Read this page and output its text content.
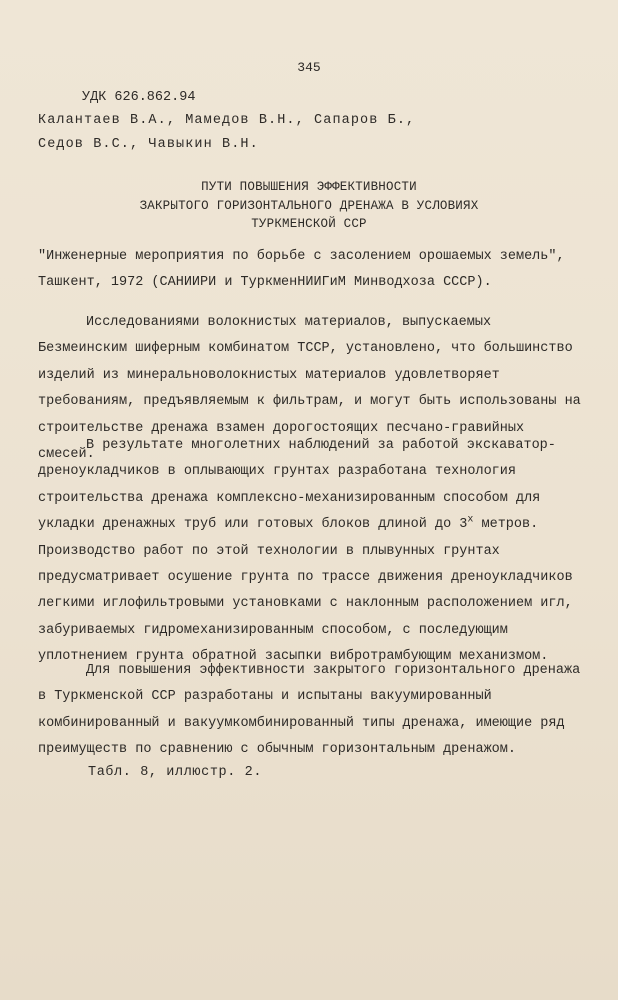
345
УДК 626.862.94
Калантаев В.А., Мамедов В.Н., Сапаров Б.,
Седов В.С., Чавыкин В.Н.
ПУТИ ПОВЫШЕНИЯ ЭФФЕКТИВНОСТИ
ЗАКРЫТОГО ГОРИЗОНТАЛЬНОГО ДРЕНАЖА В УСЛОВИЯХ
ТУРКМЕНСКОЙ ССР
"Инженерные мероприятия по борьбе с засолением орошаемых земель",
Ташкент, 1972 (САНИИРИ и ТуркменНИИГиМ Минводхоза СССР).
Исследованиями волокнистых материалов, выпускаемых Безмеинским шиферным комбинатом ТССР, установлено, что большинство изделий из минеральноволокнистых материалов удовлетворяет требованиям, предъявляемым к фильтрам, и могут быть использованы на строительстве дренажа взамен дорогостоящих песчано-гравийных смесей.
В результате многолетних наблюдений за работой экскаватор-дреноукладчиков в оплывающих грунтах разработана технология строительства дренажа комплексно-механизированным способом для укладки дренажных труб или готовых блоков длиной до 3$^x$ метров. Производство работ по этой технологии в плывунных грунтах предусматривает осушение грунта по трассе движения дреноукладчиков легкими иглофильтровыми установками с наклонным расположением игл, забуриваемых гидромеханизированным способом, с последующим уплотнением грунта обратной засыпки вибротрамбующим механизмом.
Для повышения эффективности закрытого горизонтального дренажа в Туркменской ССР разработаны и испытаны вакуумированный комбинированный и вакуумкомбинированный типы дренажа, имеющие ряд преимуществ по сравнению с обычным горизонтальным дренажом.
Табл. 8, иллюстр. 2.
